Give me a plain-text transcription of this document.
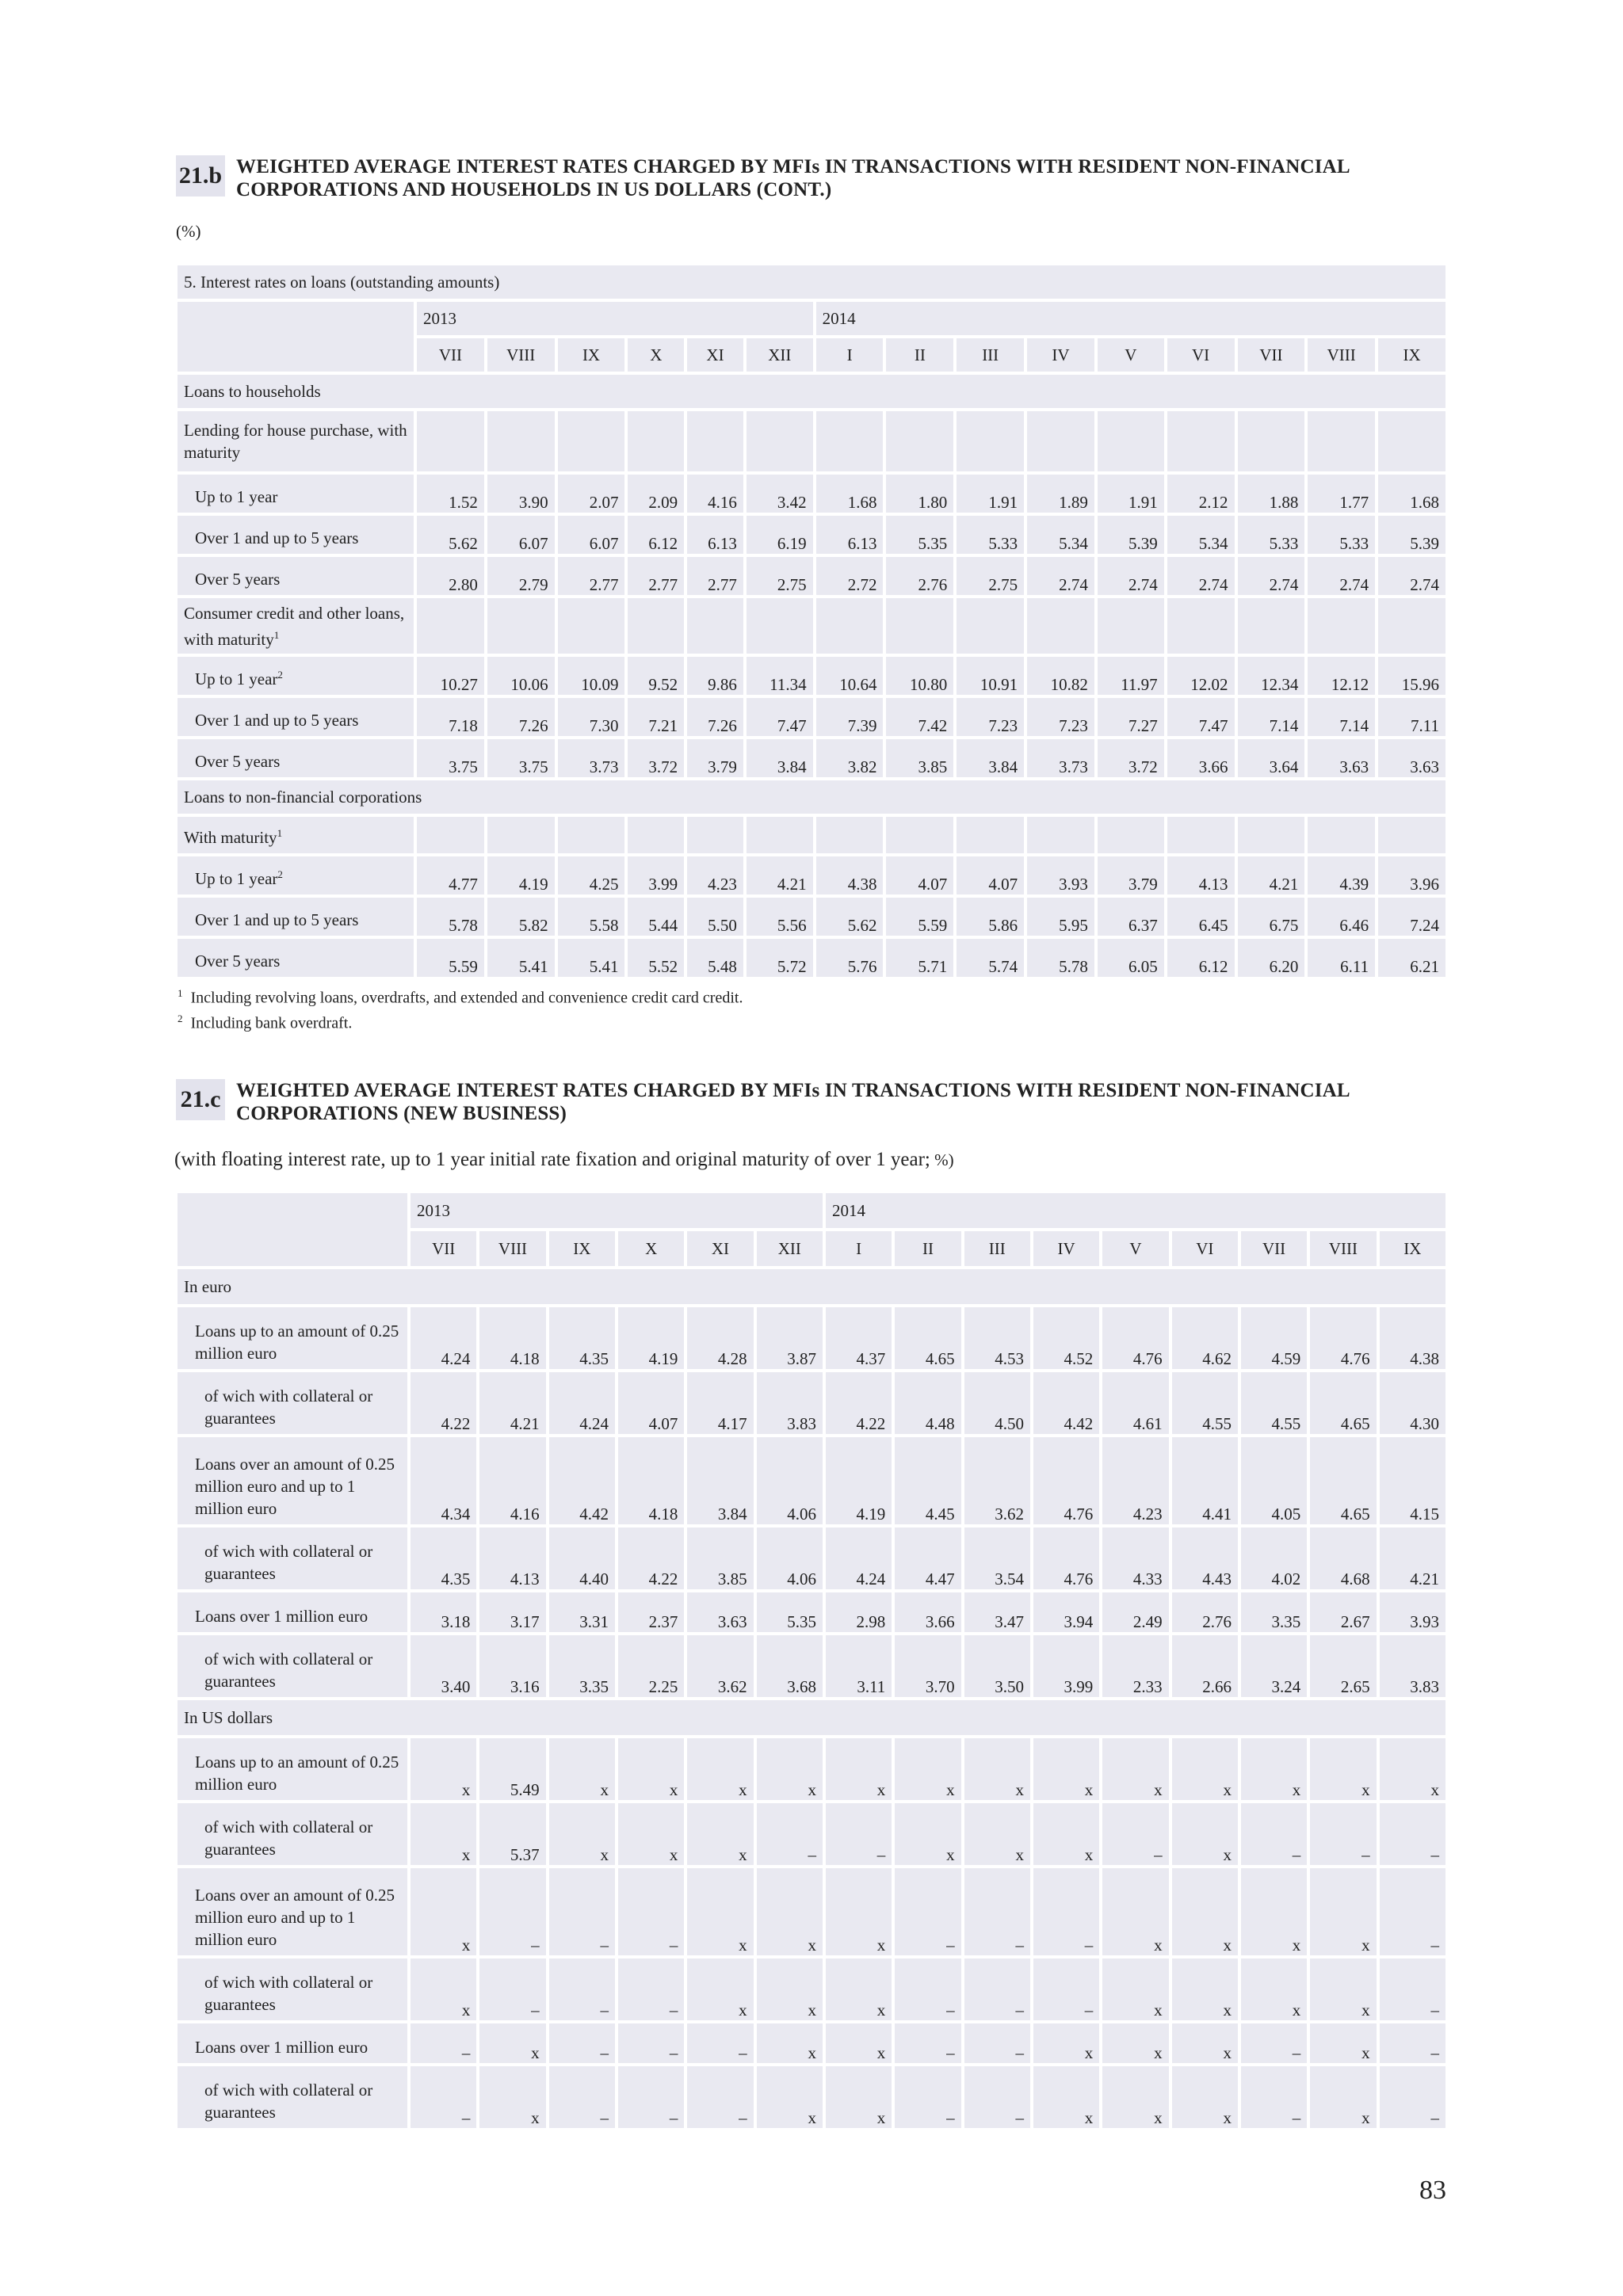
21.b WEIGHTED AVERAGE INTEREST RATES CHARGED BY MFIs IN TRANSACTIONS WITH RESIDENT NON-FINANCIAL
CORPORATIONS AND HOUSEHOLDS IN US DOLLARS (CONT.)
(%)
5. Interest rates on loans (outstanding amounts)															
	2013						2014								
	VII	VIII	IX	X	XI	XII	I	II	III	IV	V	VI	VII	VIII	IX
Loans to households															
Lending for house purchase, with maturity															
Up to 1 year	1.52	3.90	2.07	2.09	4.16	3.42	1.68	1.80	1.91	1.89	1.91	2.12	1.88	1.77	1.68
Over 1 and up to 5 years	5.62	6.07	6.07	6.12	6.13	6.19	6.13	5.35	5.33	5.34	5.39	5.34	5.33	5.33	5.39
Over 5 years	2.80	2.79	2.77	2.77	2.77	2.75	2.72	2.76	2.75	2.74	2.74	2.74	2.74	2.74	2.74
Consumer credit and other loans, with maturity$^1$															
Up to 1 year$^2$	10.27	10.06	10.09	9.52	9.86	11.34	10.64	10.80	10.91	10.82	11.97	12.02	12.34	12.12	15.96
Over 1 and up to 5 years	7.18	7.26	7.30	7.21	7.26	7.47	7.39	7.42	7.23	7.23	7.27	7.47	7.14	7.14	7.11
Over 5 years	3.75	3.75	3.73	3.72	3.79	3.84	3.82	3.85	3.84	3.73	3.72	3.66	3.64	3.63	3.63
Loans to non-financial corporations															
With maturity$^1$															
Up to 1 year$^2$	4.77	4.19	4.25	3.99	4.23	4.21	4.38	4.07	4.07	3.93	3.79	4.13	4.21	4.39	3.96
Over 1 and up to 5 years	5.78	5.82	5.58	5.44	5.50	5.56	5.62	5.59	5.86	5.95	6.37	6.45	6.75	6.46	7.24
Over 5 years	5.59	5.41	5.41	5.52	5.48	5.72	5.76	5.71	5.74	5.78	6.05	6.12	6.20	6.11	6.21
$^1$ Including revolving loans, overdrafts, and extended and convenience credit card credit.
$^2$ Including bank overdraft.
21.c WEIGHTED AVERAGE INTEREST RATES CHARGED BY MFIs IN TRANSACTIONS WITH RESIDENT NON-FINANCIAL
CORPORATIONS (NEW BUSINESS)
(with floating interest rate, up to 1 year initial rate fixation and original maturity of over 1 year; %)
	2013						2014								
	VII	VIII	IX	X	XI	XII	I	II	III	IV	V	VI	VII	VIII	IX
In euro															
Loans up to an amount of 0.25 million euro	4.24	4.18	4.35	4.19	4.28	3.87	4.37	4.65	4.53	4.52	4.76	4.62	4.59	4.76	4.38
of wich with collateral or guarantees	4.22	4.21	4.24	4.07	4.17	3.83	4.22	4.48	4.50	4.42	4.61	4.55	4.55	4.65	4.30
Loans over an amount of 0.25 million euro and up to 1 million euro	4.34	4.16	4.42	4.18	3.84	4.06	4.19	4.45	3.62	4.76	4.23	4.41	4.05	4.65	4.15
of wich with collateral or guarantees	4.35	4.13	4.40	4.22	3.85	4.06	4.24	4.47	3.54	4.76	4.33	4.43	4.02	4.68	4.21
Loans over 1 million euro	3.18	3.17	3.31	2.37	3.63	5.35	2.98	3.66	3.47	3.94	2.49	2.76	3.35	2.67	3.93
of wich with collateral or guarantees	3.40	3.16	3.35	2.25	3.62	3.68	3.11	3.70	3.50	3.99	2.33	2.66	3.24	2.65	3.83
In US dollars															
Loans up to an amount of 0.25 million euro	x	5.49	x	x	x	x	x	x	x	x	x	x	x	x	x
of wich with collateral or guarantees	x	5.37	x	x	x	–	–	x	x	x	–	x	–	–	–
Loans over an amount of 0.25 million euro and up to 1 million euro	x	–	–	–	x	x	x	–	–	–	x	x	x	x	–
of wich with collateral or guarantees	x	–	–	–	x	x	x	–	–	–	x	x	x	x	–
Loans over 1 million euro	–	x	–	–	–	x	x	–	–	x	x	x	–	x	–
of wich with collateral or guarantees	–	x	–	–	–	x	x	–	–	x	x	x	–	x	–
83
